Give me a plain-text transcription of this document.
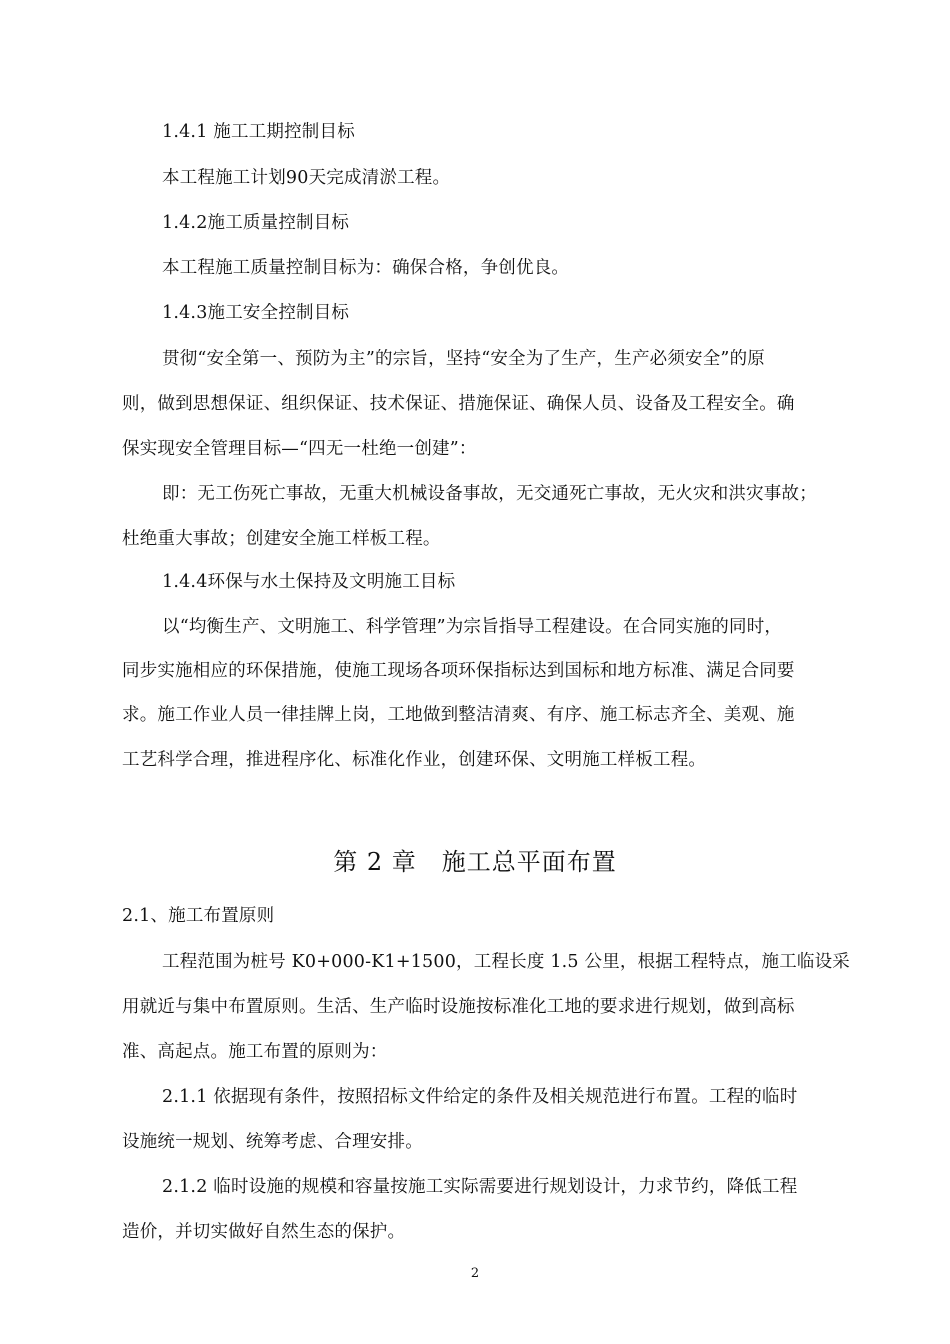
1.4.1 施工工期控制目标
本工程施工计划90天完成清淤工程。
1.4.2施工质量控制目标
本工程施工质量控制目标为：确保合格，争创优良。
1.4.3施工安全控制目标
贯彻“安全第一、预防为主”的宗旨，坚持“安全为了生产，生产必须安全”的原
则，做到思想保证、组织保证、技术保证、措施保证、确保人员、设备及工程安全。确
保实现安全管理目标—“四无一杜绝一创建”：
即：无工伤死亡事故，无重大机械设备事故，无交通死亡事故，无火灾和洪灾事故；
杜绝重大事故；创建安全施工样板工程。
1.4.4环保与水土保持及文明施工目标
以“均衡生产、文明施工、科学管理”为宗旨指导工程建设。在合同实施的同时，
同步实施相应的环保措施，使施工现场各项环保指标达到国标和地方标准、满足合同要
求。施工作业人员一律挂牌上岗，工地做到整洁清爽、有序、施工标志齐全、美观、施
工艺科学合理，推进程序化、标准化作业，创建环保、文明施工样板工程。
第 2 章　施工总平面布置
2.1、施工布置原则
工程范围为桩号 K0+000-K1+1500，工程长度 1.5 公里，根据工程特点，施工临设采
用就近与集中布置原则。生活、生产临时设施按标准化工地的要求进行规划，做到高标
准、高起点。施工布置的原则为：
2.1.1 依据现有条件，按照招标文件给定的条件及相关规范进行布置。工程的临时
设施统一规划、统筹考虑、合理安排。
2.1.2 临时设施的规模和容量按施工实际需要进行规划设计，力求节约，降低工程
造价，并切实做好自然生态的保护。
2
